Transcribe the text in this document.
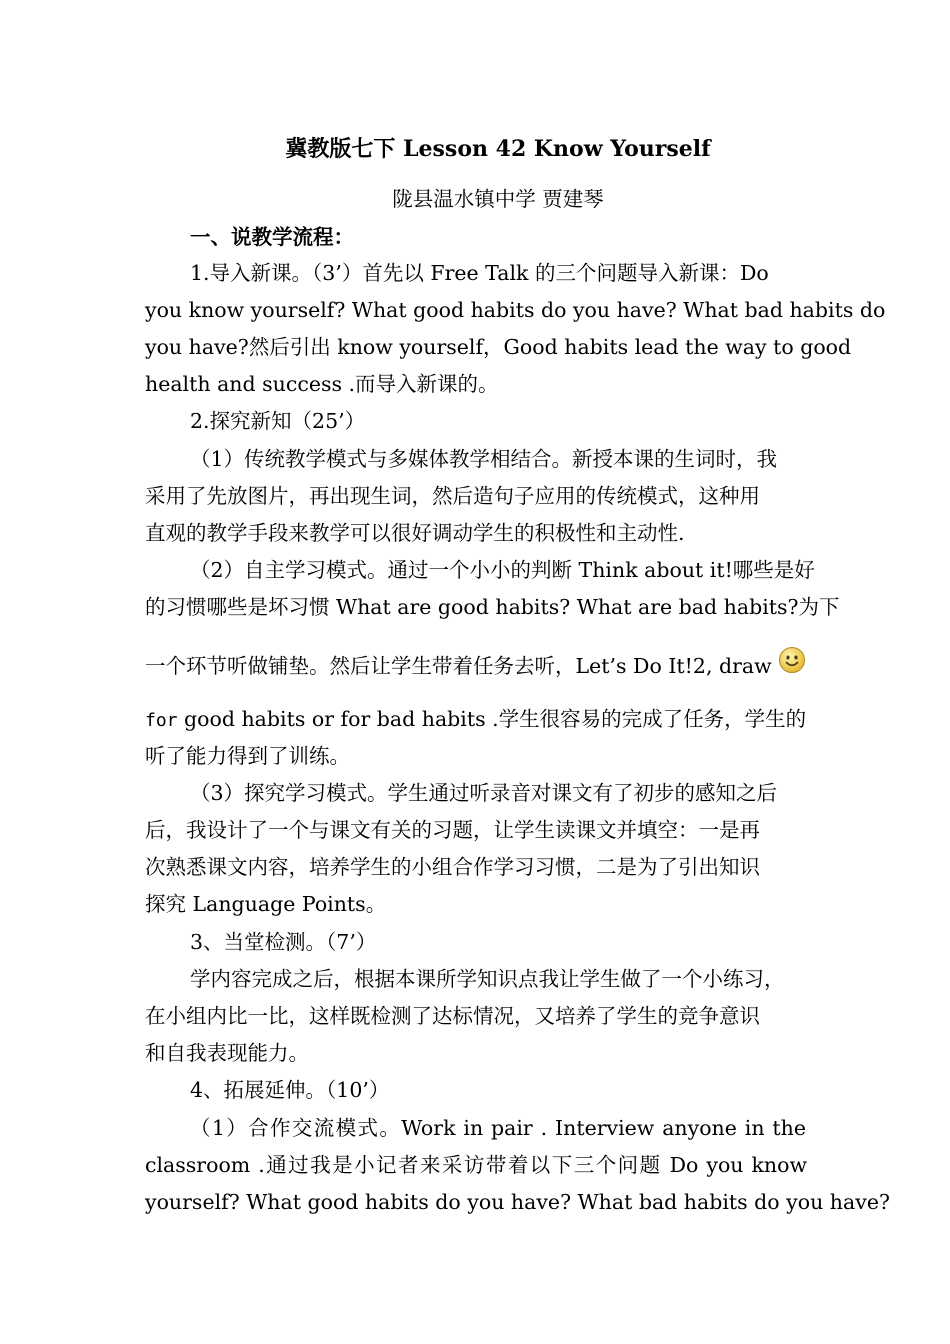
冀教版七下 Lesson 42 Know Yourself
陇县温水镇中学 贾建琴
一、说教学流程：
1.导入新课。（3’）首先以 Free Talk 的三个问题导入新课：Do
you know yourself? What good habits do you have? What bad habits do
you have?然后引出 know yourself，Good habits lead the way to good
health and success .而导入新课的。
2.探究新知（25’）
（1）传统教学模式与多媒体教学相结合。新授本课的生词时，我
采用了先放图片，再出现生词，然后造句子应用的传统模式，这种用
直观的教学手段来教学可以很好调动学生的积极性和主动性.
（2）自主学习模式。通过一个小小的判断 Think about it!哪些是好
的习惯哪些是坏习惯 What are good habits? What are bad habits?为下
一个环节听做铺垫。然后让学生带着任务去听，Let’s Do It!2, draw
for good habits or for bad habits .学生很容易的完成了任务，学生的
听了能力得到了训练。
（3）探究学习模式。学生通过听录音对课文有了初步的感知之后
后，我设计了一个与课文有关的习题，让学生读课文并填空：一是再
次熟悉课文内容，培养学生的小组合作学习习惯，二是为了引出知识
探究 Language Points。
3、当堂检测。（7’）
学内容完成之后，根据本课所学知识点我让学生做了一个小练习，
在小组内比一比，这样既检测了达标情况，又培养了学生的竞争意识
和自我表现能力。
4、拓展延伸。（10’）
（1）合作交流模式。Work in pair . Interview anyone in the
classroom .通过我是小记者来采访带着以下三个问题 Do you know
yourself? What good habits do you have? What bad habits do you have?
